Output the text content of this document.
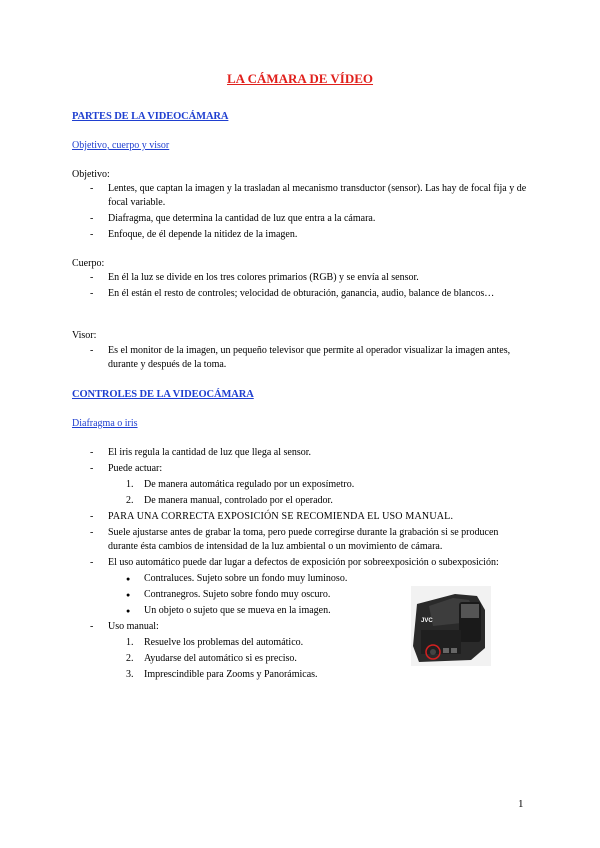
LA CÁMARA DE VÍDEO
PARTES DE LA VIDEOCÁMARA
Objetivo, cuerpo y visor
Objetivo:
- Lentes, que captan la imagen y la trasladan al mecanismo transductor (sensor). Las hay de focal fija y de focal variable.
- Diafragma, que determina la cantidad de luz que entra a la cámara.
- Enfoque, de él depende la nitidez de la imagen.
Cuerpo:
- En él la luz se divide en los tres colores primarios (RGB) y se envía al sensor.
- En él están el resto de controles; velocidad de obturación, ganancia, audio, balance de blancos…
Visor:
- Es el monitor de la imagen, un pequeño televisor que permite al operador visualizar la imagen antes, durante y después de la toma.
CONTROLES DE LA VIDEOCÁMARA
Diafragma o iris
- El iris regula la cantidad de luz que llega al sensor.
- Puede actuar:
1. De manera automática regulado por un exposímetro.
2. De manera manual, controlado por el operador.
- PARA UNA CORRECTA EXPOSICIÓN SE RECOMIENDA EL USO MANUAL.
- Suele ajustarse antes de grabar la toma, pero puede corregirse durante la grabación si se producen durante ésta cambios de intensidad de la luz ambiental o un movimiento de cámara.
- El uso automático puede dar lugar a defectos de exposición por sobreexposición o subexposición:
● Contraluces. Sujeto sobre un fondo muy luminoso.
● Contranegros. Sujeto sobre fondo muy oscuro.
● Un objeto o sujeto que se mueva en la imagen.
- Uso manual:
1. Resuelve los problemas del automático.
2. Ayudarse del automático si es preciso.
3. Imprescindible para Zooms y Panorámicas.
JVC
1
